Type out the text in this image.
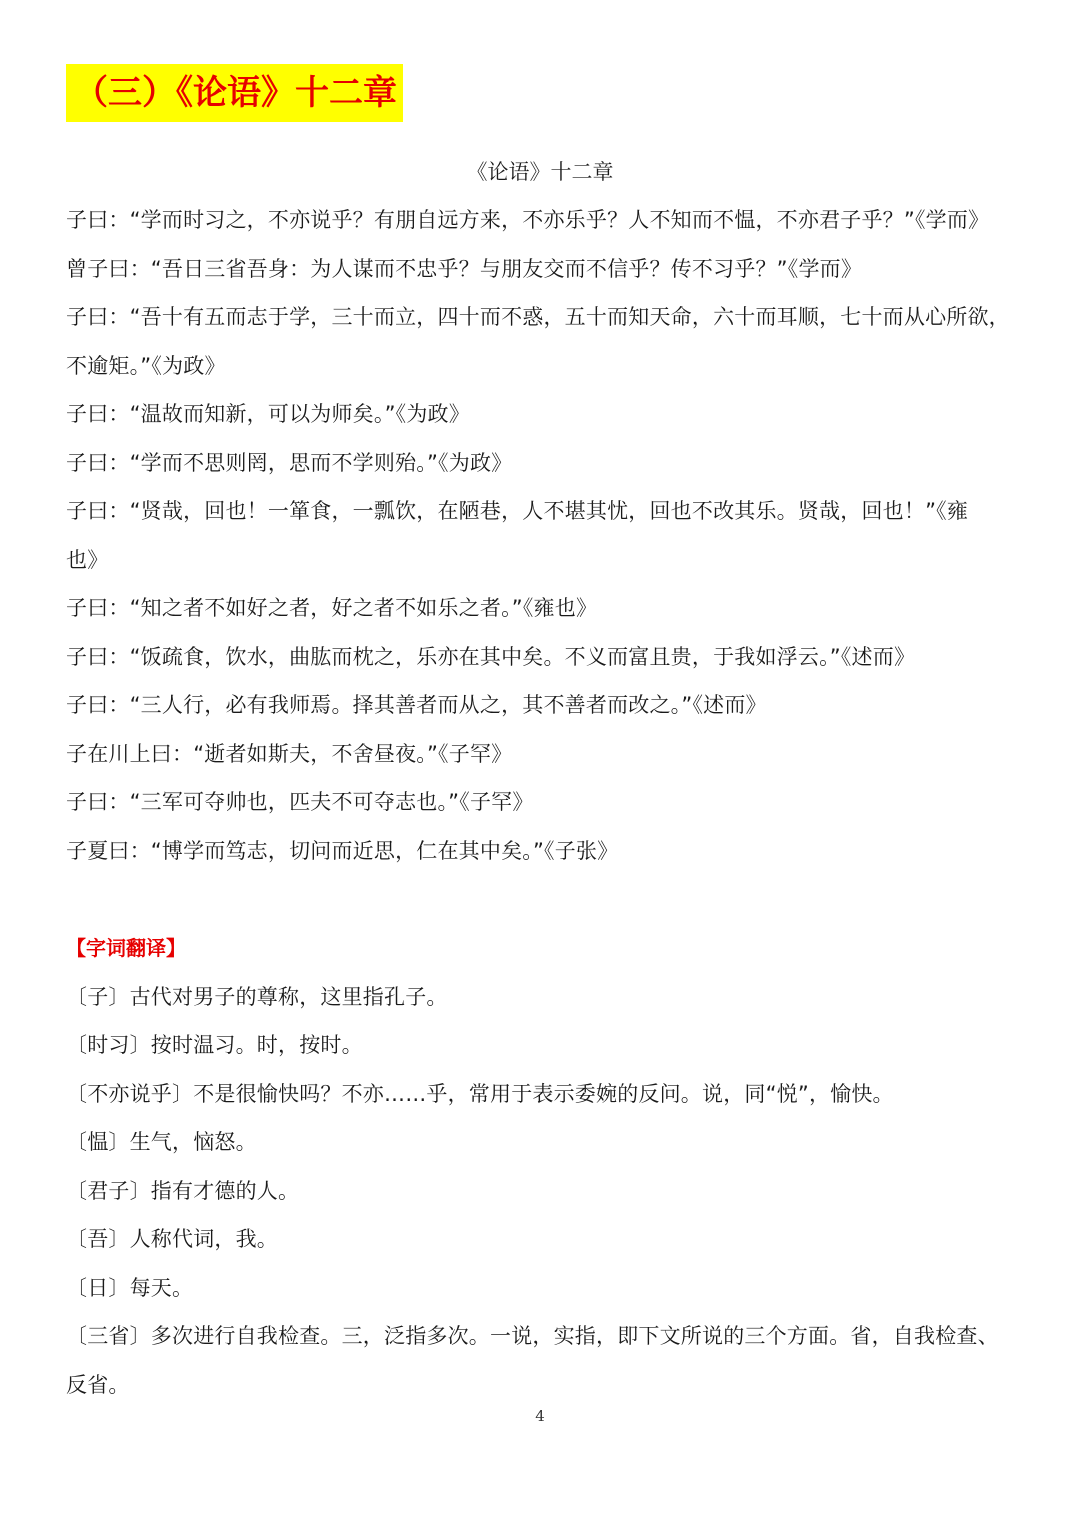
（三）《论语》十二章
《论语》十二章
子曰：“学而时习之，不亦说乎？有朋自远方来，不亦乐乎？人不知而不愠，不亦君子乎？”《学而》
曾子曰：“吾日三省吾身：为人谋而不忠乎？与朋友交而不信乎？传不习乎？”《学而》
子曰：“吾十有五而志于学，三十而立，四十而不惑，五十而知天命，六十而耳顺，七十而从心所欲，
不逾矩。”《为政》
子曰：“温故而知新，可以为师矣。”《为政》
子曰：“学而不思则罔，思而不学则殆。”《为政》
子曰：“贤哉，回也！一箪食，一瓢饮，在陋巷，人不堪其忧，回也不改其乐。贤哉，回也！”《雍
也》
子曰：“知之者不如好之者，好之者不如乐之者。”《雍也》
子曰：“饭疏食，饮水，曲肱而枕之，乐亦在其中矣。不义而富且贵，于我如浮云。”《述而》
子曰：“三人行，必有我师焉。择其善者而从之，其不善者而改之。”《述而》
子在川上曰：“逝者如斯夫，不舍昼夜。”《子罕》
子曰：“三军可夺帅也，匹夫不可夺志也。”《子罕》
子夏曰：“博学而笃志，切问而近思，仁在其中矣。”《子张》
【字词翻译】
〔子〕古代对男子的尊称，这里指孔子。
〔时习〕按时温习。时，按时。
〔不亦说乎〕不是很愉快吗？不亦……乎，常用于表示委婉的反问。说，同“悦”，愉快。
〔愠〕生气，恼怒。
〔君子〕指有才德的人。
〔吾〕人称代词，我。
〔日〕每天。
〔三省〕多次进行自我检查。三，泛指多次。一说，实指，即下文所说的三个方面。省，自我检查、
反省。
4
